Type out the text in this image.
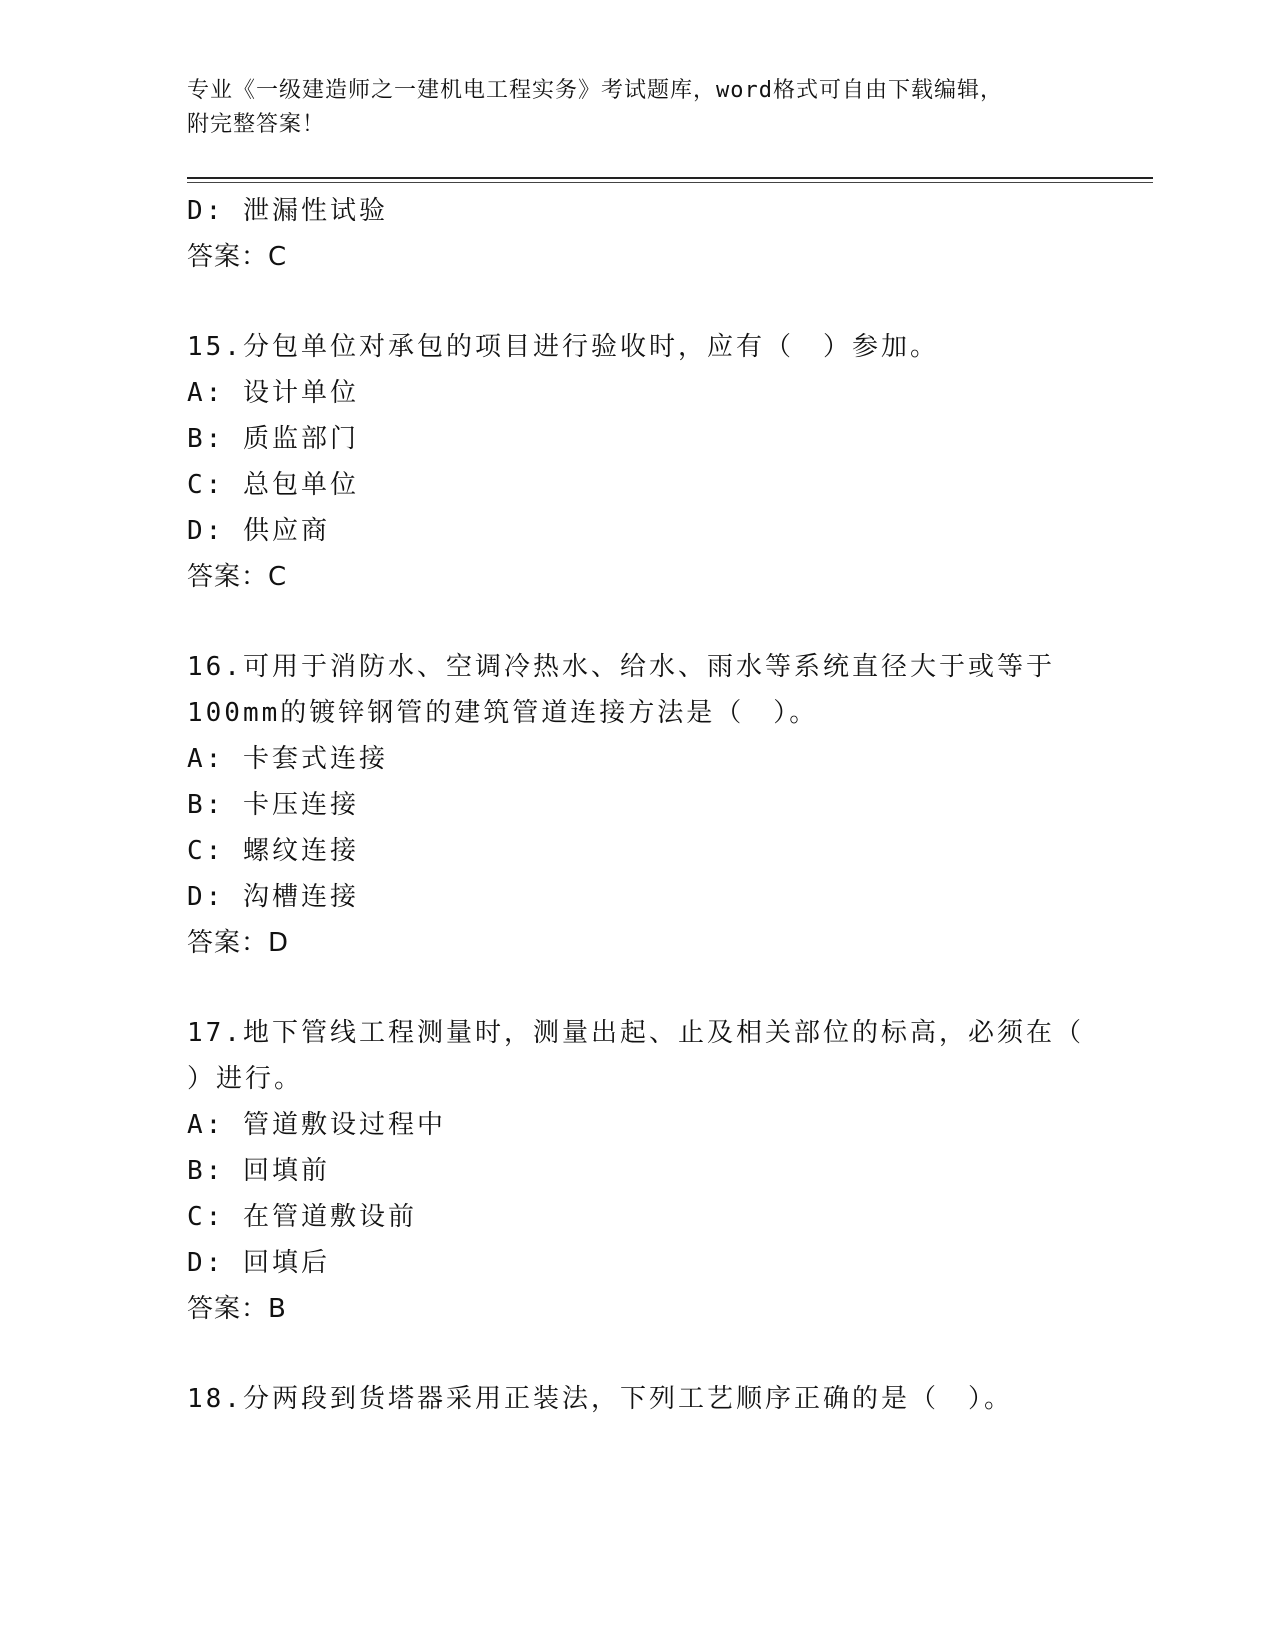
专业《一级建造师之一建机电工程实务》考试题库，word格式可自由下载编辑，
附完整答案！
D: 泄漏性试验
答案：C
15.分包单位对承包的项目进行验收时，应有（　）参加。
A: 设计单位
B: 质监部门
C: 总包单位
D: 供应商
答案：C
16.可用于消防水、空调冷热水、给水、雨水等系统直径大于或等于
100mm的镀锌钢管的建筑管道连接方法是（　）。
A: 卡套式连接
B: 卡压连接
C: 螺纹连接
D: 沟槽连接
答案：D
17.地下管线工程测量时，测量出起、止及相关部位的标高，必须在（
）进行。
A: 管道敷设过程中
B: 回填前
C: 在管道敷设前
D: 回填后
答案：B
18.分两段到货塔器采用正装法，下列工艺顺序正确的是（　）。
